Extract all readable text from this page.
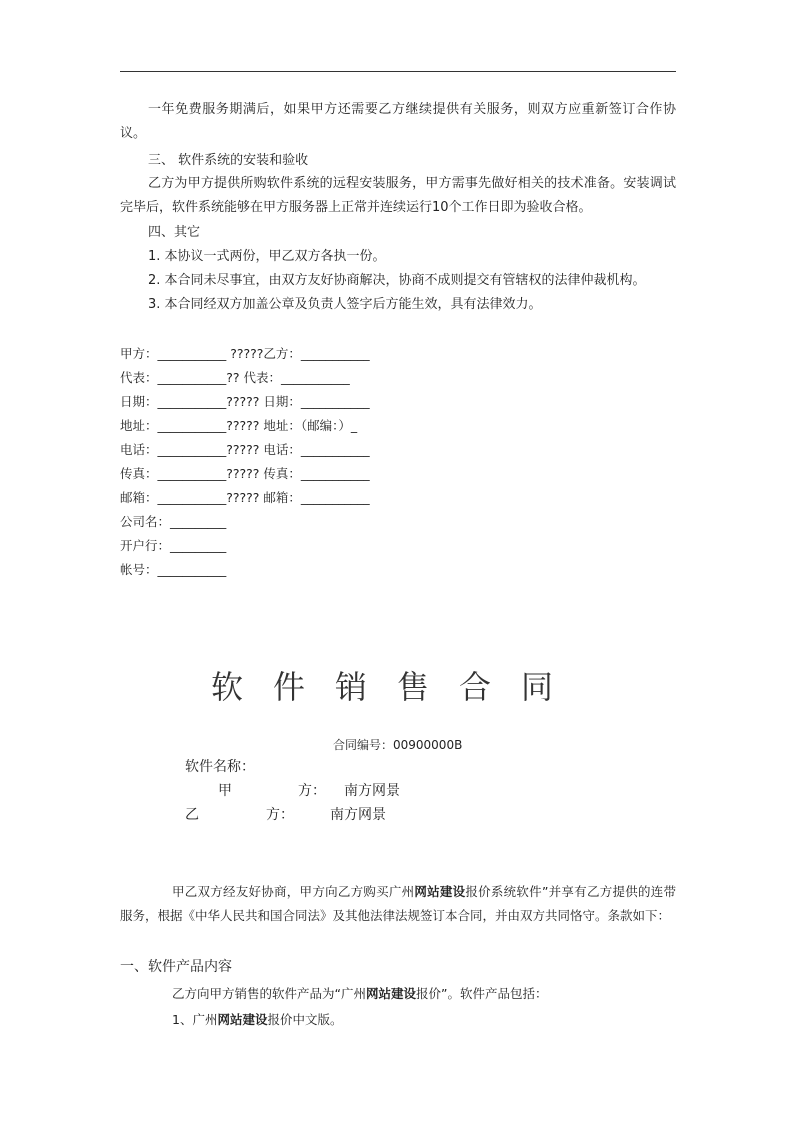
一年免费服务期满后，如果甲方还需要乙方继续提供有关服务，则双方应重新签订合作协议。
三、 软件系统的安装和验收
乙方为甲方提供所购软件系统的远程安装服务，甲方需事先做好相关的技术准备。安装调试完毕后，软件系统能够在甲方服务器上正常并连续运行10个工作日即为验收合格。
四、其它
1. 本协议一式两份，甲乙双方各执一份。
2. 本合同未尽事宜，由双方友好协商解决，协商不成则提交有管辖权的法律仲裁机构。
3. 本合同经双方加盖公章及负责人签字后方能生效，具有法律效力。
甲方：___________ ?????乙方：___________
代表：___________?? 代表：___________
日期：___________????? 日期：___________
地址：___________????? 地址：（邮编：）_
电话：___________????? 电话：___________
传真：___________????? 传真：___________
邮箱：___________????? 邮箱：___________
公司名：_________
开户行：_________
帐号：___________
软件销售合同
合同编号：00900000B
软件名称：
甲	方： 南方网景
乙	方：	南方网景
甲乙双方经友好协商，甲方向乙方购买广州网站建设报价系统软件”并享有乙方提供的连带服务，根据《中华人民共和国合同法》及其他法律法规签订本合同，并由双方共同恪守。条款如下：
一、软件产品内容
乙方向甲方销售的软件产品为“广州网站建设报价”。软件产品包括：
1、广州网站建设报价中文版。
